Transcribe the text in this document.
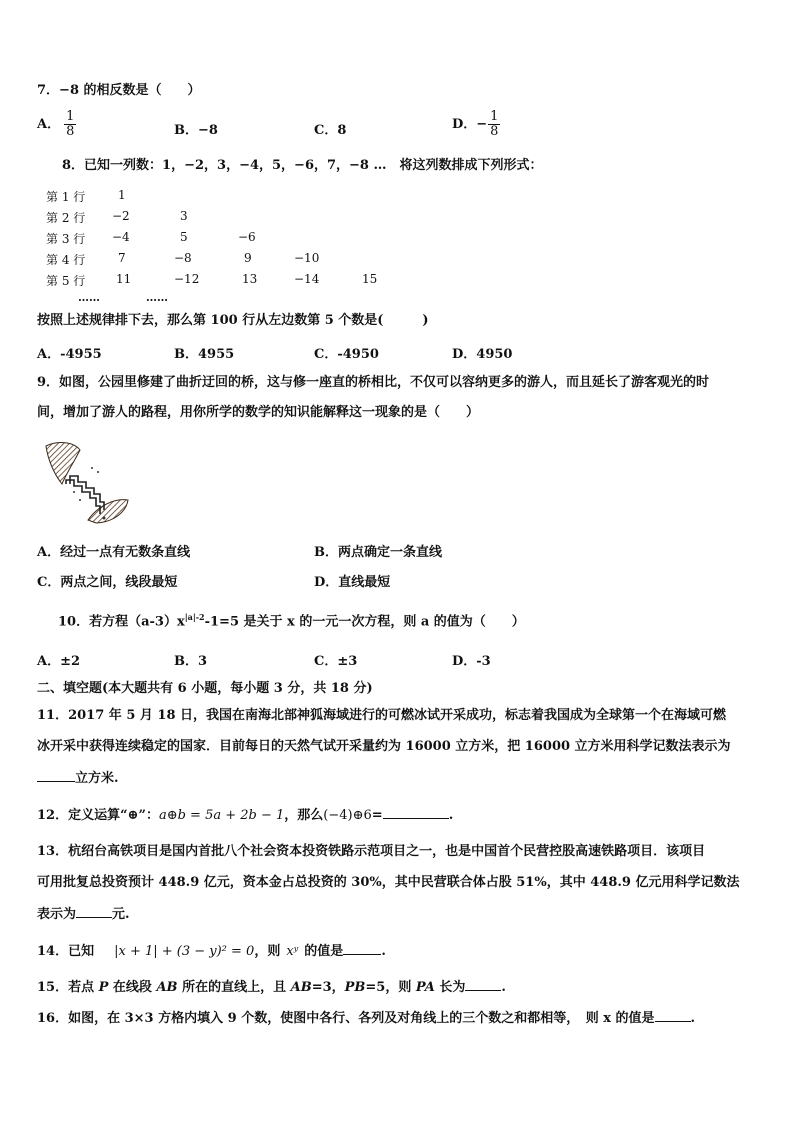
7．−8 的相反数是（　　）
A． $\frac{1}{8}$	B．−8	C．8	D．− $\frac{1}{8}$
8．已知一列数：1，−2，3，−4，5，−6，7，−8 …　将这列数排成下列形式：
第 1 行	1
第 2 行 −2	3
第 3 行 −4	5	−6
第 4 行	7	−8	9	−10
第 5 行	11	−12	13	−14	15
……	……
按照上述规律排下去，那么第 100 行从左边数第 5 个数是(　　　)
A．-4955	B．4955	C．-4950	D．4950
9．如图，公园里修建了曲折迂回的桥，这与修一座直的桥相比，不仅可以容纳更多的游人，而且延长了游客观光的时
间，增加了游人的路程，用你所学的数学的知识能解释这一现象的是（　　）
A．经过一点有无数条直线	B．两点确定一条直线
C．两点之间，线段最短	D．直线最短
10．若方程$(a-3)x^{|a|-2}-1=5$ 是关于 x 的一元一次方程，则 a 的值为（　　）
A．±2	B．3	C．±3	D．-3
二、填空题(本大题共有 6 小题，每小题 3 分，共 18 分)
11．2017 年 5 月 18 日，我国在南海北部神狐海域进行的可燃冰试开采成功，标志着我国成为全球第一个在海域可燃
冰开采中获得连续稳定的国家．目前每日的天然气试开采量约为 16000 立方米，把 16000 立方米用科学记数法表示为
立方米.
12．定义运算“⊕”：a⊕b = 5a + 2b − 1，那么(−4)⊕6=	.
13．杭绍台高铁项目是国内首批八个社会资本投资铁路示范项目之一，也是中国首个民营控股高速铁路项目．该项目
可用批复总投资预计 448.9 亿元，资本金占总投资的 30%，其中民营联合体占股 51%，其中 448.9 亿元用科学记数法
表示为	元.
14．已知 |x + 1| + (3 − y)² = 0，则 xʸ 的值是	.
15．若点 P 在线段 AB 所在的直线上，且 AB=3，PB=5，则 PA 长为	.
16．如图，在 3×3 方格内填入 9 个数，使图中各行、各列及对角线上的三个数之和都相等，　则 x 的值是	.
